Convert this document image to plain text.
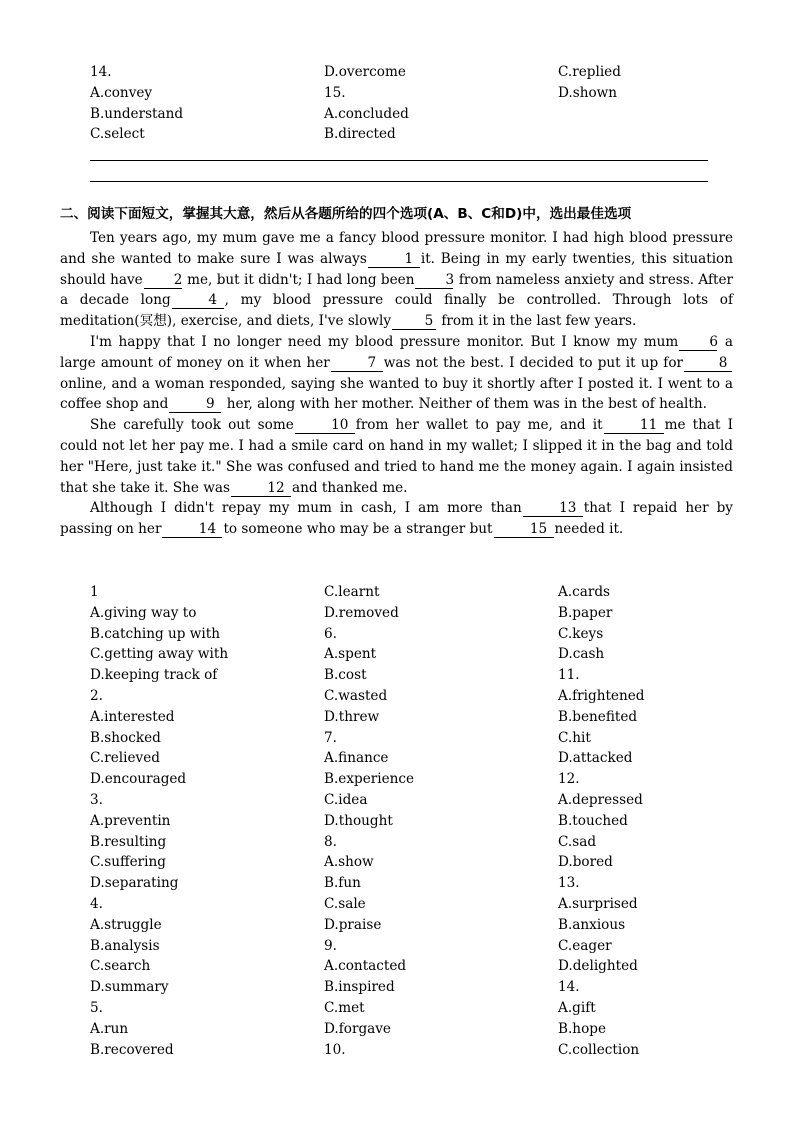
14.	D.overcome	C.replied
A.convey	15.	D.shown
B.understand	A.concluded
C.select	B.directed
二、阅读下面短文，掌握其大意，然后从各题所给的四个选项(A、B、C和D)中，选出最佳选项

Ten years ago, my mum gave me a fancy blood pressure monitor. I had high blood pressure and she wanted to make sure I was always	1 it. Being in my early twenties, this situation should have 2 me, but it didn't; I had long been 3 from nameless anxiety and stress. After a decade long	4 , my blood pressure could finally be controlled. Through lots of meditation(冥想), exercise, and diets, I've slowly 5 from it in the last few years.

I'm happy that I no longer need my blood pressure monitor. But I know my mum 6 a large amount of money on it when her	7 was not the best. I decided to put it up for	8online, and a woman responded, saying she wanted to buy it shortly after I posted it. I went to a coffee shop and	9 her, along with her mother. Neither of them was in the best of health.

She carefully took out some	10 from her wallet to pay me, and it	11 me that I could not let her pay me. I had a smile card on hand in my wallet; I slipped it in the bag and told her "Here, just take it." She was confused and tried to hand me the money again. I again insisted that she take it. She was	12 and thanked me.

Although I didn't repay my mum in cash, I am more than	13 that I repaid her by passing on her	14 to someone who may be a stranger but	15 needed it.

1	C.learnt	A.cards
A.giving way to	D.removed	B.paper
B.catching up with	6.	C.keys
C.getting away with	A.spent	D.cash
D.keeping track of	B.cost	11.
2.	C.wasted	A.frightened
A.interested	D.threw	B.benefited
B.shocked	7.	C.hit
C.relieved	A.finance	D.attacked
D.encouraged	B.experience	12.
3.	C.idea	A.depressed
A.preventin	D.thought	B.touched
B.resulting	8.	C.sad
C.suffering	A.show	D.bored
D.separating	B.fun	13.
4.	C.sale	A.surprised
A.struggle	D.praise	B.anxious
B.analysis	9.	C.eager
C.search	A.contacted	D.delighted
D.summary	B.inspired	14.
5.	C.met	A.gift
A.run	D.forgave	B.hope
B.recovered	10.	C.collection
